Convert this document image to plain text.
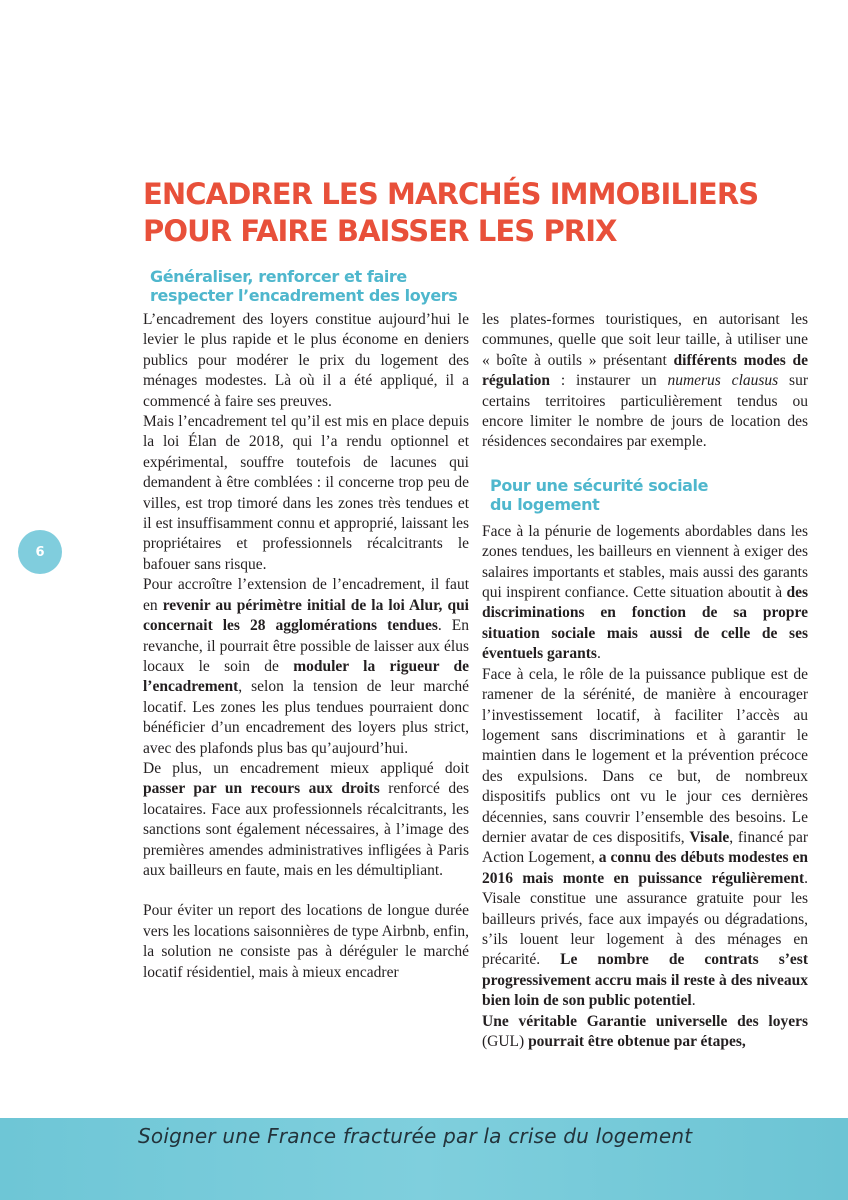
ENCADRER LES MARCHÉS IMMOBILIERS
POUR FAIRE BAISSER LES PRIX
Généraliser, renforcer et faire
respecter l’encadrement des loyers

L’encadrement des loyers constitue aujourd’hui le levier le plus rapide et le plus économe en deniers publics pour modérer le prix du logement des ménages modestes. Là où il a été appliqué, il a commencé à faire ses preuves.

Mais l’encadrement tel qu’il est mis en place depuis la loi Élan de 2018, qui l’a rendu optionnel et expérimental, souffre toutefois de lacunes qui demandent à être comblées : il concerne trop peu de villes, est trop timoré dans les zones très tendues et il est insuffisamment connu et approprié, laissant les propriétaires et professionnels récalcitrants le bafouer sans risque.

Pour accroître l’extension de l’encadrement, il faut en revenir au périmètre initial de la loi Alur, qui concernait les 28 agglomérations tendues. En revanche, il pourrait être possible de laisser aux élus locaux le soin de moduler la rigueur de l’encadrement, selon la tension de leur marché locatif. Les zones les plus tendues pourraient donc bénéficier d’un encadrement des loyers plus strict, avec des plafonds plus bas qu’aujourd’hui.

De plus, un encadrement mieux appliqué doit passer par un recours aux droits renforcé des locataires. Face aux professionnels récalcitrants, les sanctions sont également nécessaires, à l’image des premières amendes administratives infligées à Paris aux bailleurs en faute, mais en les démultipliant.

Pour éviter un report des locations de longue durée vers les locations saisonnières de type Airbnb, enfin, la solution ne consiste pas à déréguler le marché locatif résidentiel, mais à mieux encadrer

les plates-formes touristiques, en autorisant les communes, quelle que soit leur taille, à utiliser une « boîte à outils » présentant différents modes de régulation : instaurer un numerus clausus sur certains territoires particulièrement tendus ou encore limiter le nombre de jours de location des résidences secondaires par exemple.

Pour une sécurité sociale
du logement

Face à la pénurie de logements abordables dans les zones tendues, les bailleurs en viennent à exiger des salaires importants et stables, mais aussi des garants qui inspirent confiance. Cette situation aboutit à des discriminations en fonction de sa propre situation sociale mais aussi de celle de ses éventuels garants.

Face à cela, le rôle de la puissance publique est de ramener de la sérénité, de manière à encourager l’investissement locatif, à faciliter l’accès au logement sans discriminations et à garantir le maintien dans le logement et la prévention précoce des expulsions. Dans ce but, de nombreux dispositifs publics ont vu le jour ces dernières décennies, sans couvrir l’ensemble des besoins. Le dernier avatar de ces dispositifs, Visale, financé par Action Logement, a connu des débuts modestes en 2016 mais monte en puissance régulièrement. Visale constitue une assurance gratuite pour les bailleurs privés, face aux impayés ou dégradations, s’ils louent leur logement à des ménages en précarité. Le nombre de contrats s’est progressivement accru mais il reste à des niveaux bien loin de son public potentiel.

Une véritable Garantie universelle des loyers (GUL) pourrait être obtenue par étapes,

6
Soigner une France fracturée par la crise du logement
